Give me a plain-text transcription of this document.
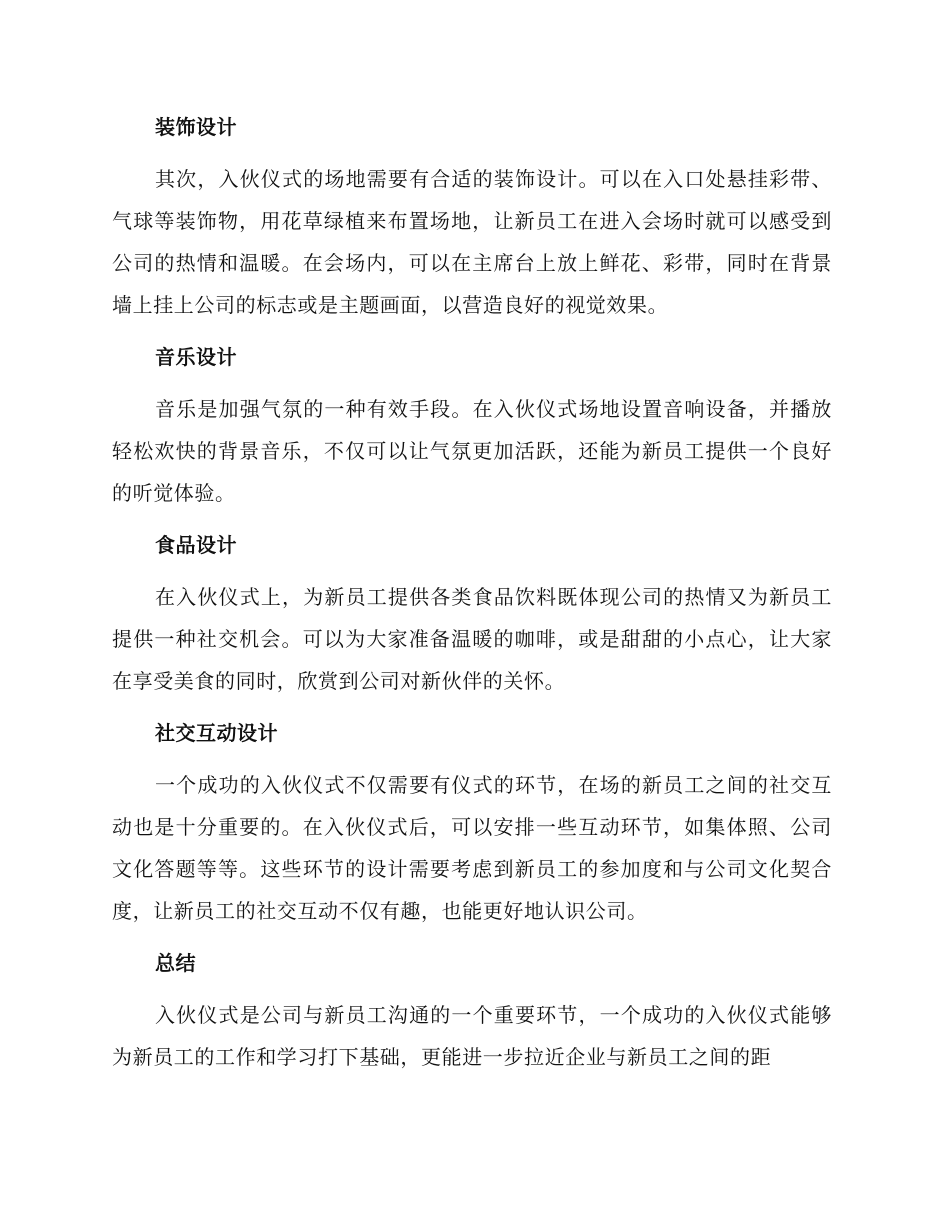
装饰设计

其次，入伙仪式的场地需要有合适的装饰设计。可以在入口处悬挂彩带、气球等装饰物，用花草绿植来布置场地，让新员工在进入会场时就可以感受到公司的热情和温暖。在会场内，可以在主席台上放上鲜花、彩带，同时在背景墙上挂上公司的标志或是主题画面，以营造良好的视觉效果。

音乐设计

音乐是加强气氛的一种有效手段。在入伙仪式场地设置音响设备，并播放轻松欢快的背景音乐，不仅可以让气氛更加活跃，还能为新员工提供一个良好的听觉体验。

食品设计

在入伙仪式上，为新员工提供各类食品饮料既体现公司的热情又为新员工提供一种社交机会。可以为大家准备温暖的咖啡，或是甜甜的小点心，让大家在享受美食的同时，欣赏到公司对新伙伴的关怀。

社交互动设计

一个成功的入伙仪式不仅需要有仪式的环节，在场的新员工之间的社交互动也是十分重要的。在入伙仪式后，可以安排一些互动环节，如集体照、公司文化答题等等。这些环节的设计需要考虑到新员工的参加度和与公司文化契合度，让新员工的社交互动不仅有趣，也能更好地认识公司。

总结

入伙仪式是公司与新员工沟通的一个重要环节，一个成功的入伙仪式能够为新员工的工作和学习打下基础，更能进一步拉近企业与新员工之间的距
